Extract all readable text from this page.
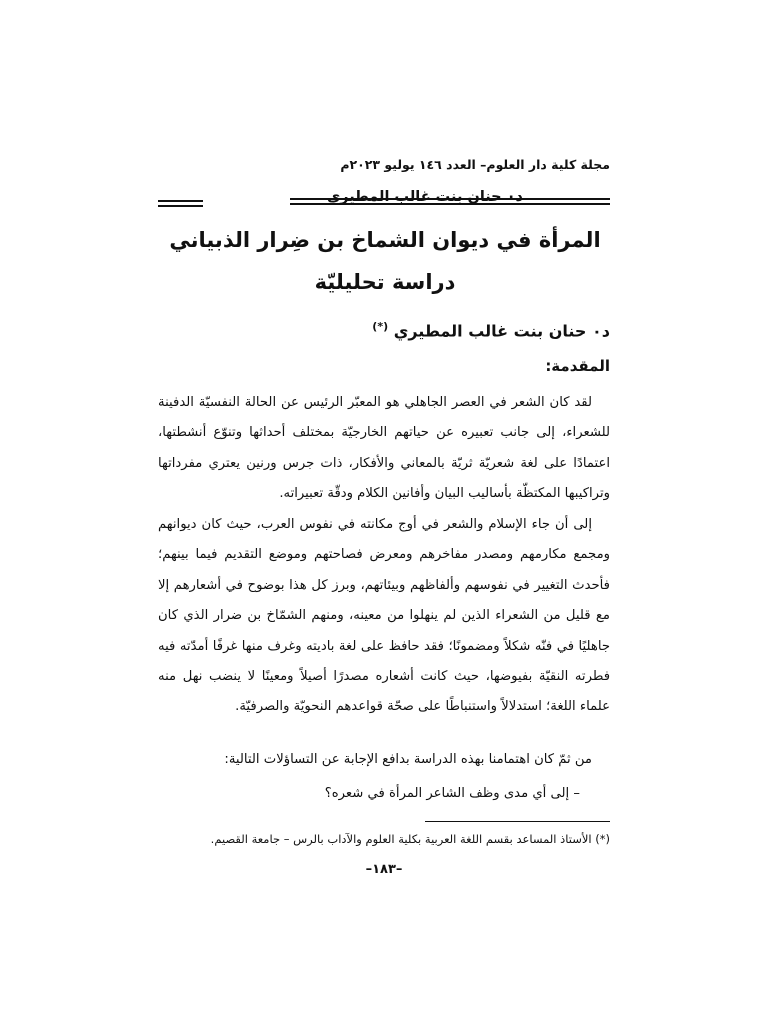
مجلة كلية دار العلوم– العدد ١٤٦ يوليو ٢٠٢٣م
د٠ حنان بنت غالب المطيري
المرأة في ديوان الشماخ بن ضِرار الذبياني
دراسة تحليليّة
د٠ حنان بنت غالب المطيري (*)
المقدمة:
لقد كان الشعر في العصر الجاهلي هو المعبّر الرئيس عن الحالة النفسيّة الدفينة للشعراء، إلى جانب تعبيره عن حياتهم الخارجيّة بمختلف أحداثها وتنوّع أنشطتها، اعتمادًا على لغة شعريّة ثريّة بالمعاني والأفكار، ذات جرس ورنين يعتري مفرداتها وتراكيبها المكتظّة بأساليب البيان وأفانين الكلام ودقّة تعبيراته.
إلى أن جاء الإسلام والشعر في أوج مكانته في نفوس العرب، حيث كان ديوانهم ومجمع مكارمهم ومصدر مفاخرهم ومعرض فصاحتهم وموضع التقديم فيما بينهم؛ فأحدث التغيير في نفوسهم وألفاظهم وبيئاتهم، وبرز كل هذا بوضوح في أشعارهم إلا مع قليل من الشعراء الذين لم ينهلوا من معينه، ومنهم الشمّاخ بن ضرار الذي كان جاهليًا في فنّه شكلاً ومضمونًا؛ فقد حافظ على لغة باديته وغرف منها غرفًا أمدّته فيه فطرته النقيّة بفيوضها، حيث كانت أشعاره مصدرًا أصيلاً ومعينًا لا ينضب نهل منه علماء اللغة؛ استدلالاً واستنباطًا على صحّة قواعدهم النحويّة والصرفيّة.
من ثمّ كان اهتمامنا بهذه الدراسة بدافع الإجابة عن التساؤلات التالية:
– إلى أي مدى وظف الشاعر المرأة في شعره؟
(*) الأستاذ المساعد بقسم اللغة العربية بكلية العلوم والآداب بالرس – جامعة القصيم.
–١٨٣–
